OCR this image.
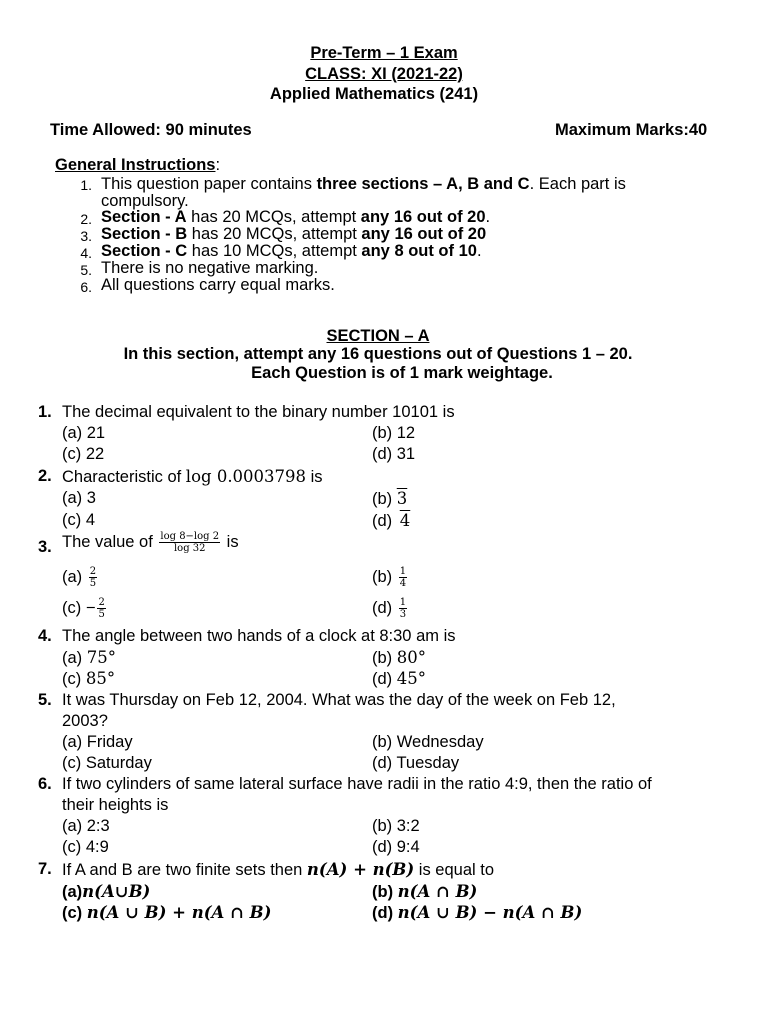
Pre-Term – 1 Exam
CLASS: XI (2021-22)
Applied Mathematics (241)
Time Allowed: 90 minutes	Maximum Marks:40
General Instructions:
1. This question paper contains three sections – A, B and C. Each part is
compulsory.
2. Section - A has 20 MCQs, attempt any 16 out of 20.
3. Section - B has 20 MCQs, attempt any 16 out of 20
4. Section - C has 10 MCQs, attempt any 8 out of 10.
5. There is no negative marking.
6. All questions carry equal marks.
SECTION – A
In this section, attempt any 16 questions out of Questions 1 – 20.
Each Question is of 1 mark weightage.
1. The decimal equivalent to the binary number 10101 is
(a) 21	(b) 12
(c) 22	(d) 31
2. Characteristic of log 0.0003798 is
(a) 3	(b) 3
(c) 4	(d) 4
3. The value of $\frac{\log 8-\log 2}{\log 32}$ is
$(a) \frac{2}{5}$	$(b) \frac{1}{4}$
$(c) - \frac{2}{5}$	$(d) \frac{1}{3}$
4. The angle between two hands of a clock at 8:30 am is
(a) 75°	(b) 80°
(c) 85°	(d) 45°
5. It was Thursday on Feb 12, 2004. What was the day of the week on Feb 12,
2003?
(a) Friday	(b) Wednesday
(c) Saturday	(d) Tuesday
6. If two cylinders of same lateral surface have radii in the ratio 4:9, then the ratio of
their heights is
(a) 2:3	(b) 3:2
(c) 4:9	(d) 9:4
7. If A and B are two finite sets then n(A) + n(B) is equal to
(a)n(A∪B)	(b) n(A ∩ B)
(c) n(A ∪ B) + n(A ∩ B)	(d) n(A ∪ B) − n(A ∩ B)
